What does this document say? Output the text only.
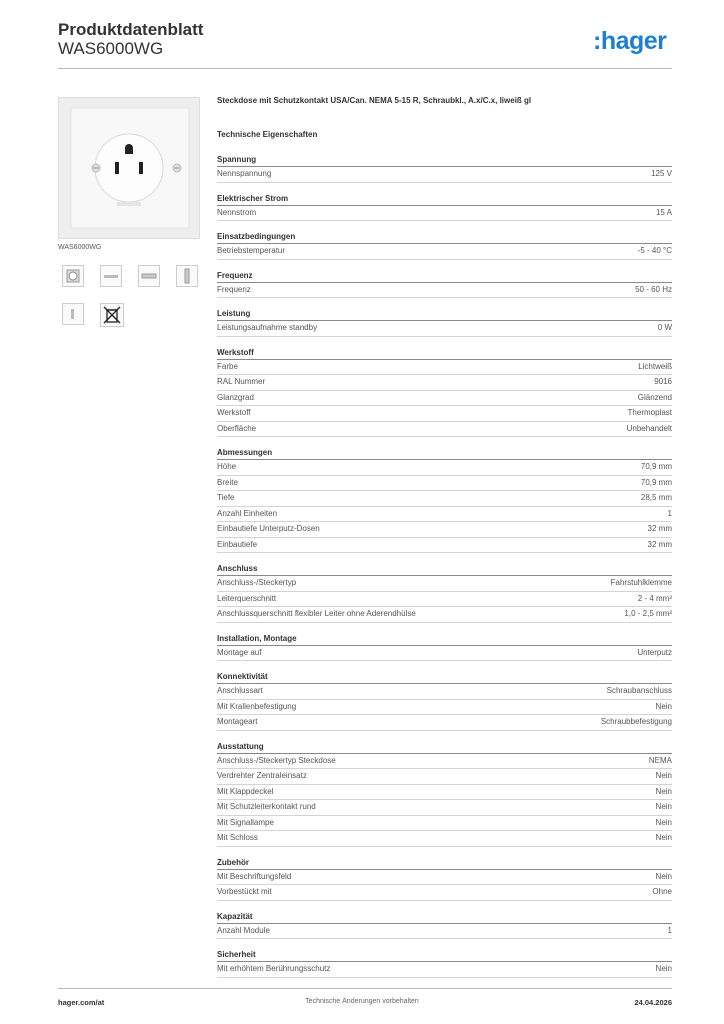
Produktdatenblatt
WAS6000WG	:hager
WAS6000WG
Steckdose mit Schutzkontakt USA/Can. NEMA 5-15 R, Schraubkl., A.x/C.x, liweiß gl
Technische Eigenschaften
Spannung
Nennspannung	125 V
Elektrischer Strom
Nennstrom	15 A
Einsatzbedingungen
Betriebstemperatur	-5 - 40 °C
Frequenz
Frequenz	50 - 60 Hz
Leistung
Leistungsaufnahme standby	0 W
Werkstoff
Farbe	Lichtweiß
RAL Nummer	9016
Glanzgrad	Glänzend
Werkstoff	Thermoplast
Oberfläche	Unbehandelt
Abmessungen
Höhe	70,9 mm
Breite	70,9 mm
Tiefe	28,5 mm
Anzahl Einheiten	1
Einbautiefe Unterputz-Dosen	32 mm
Einbautiefe	32 mm
Anschluss
Anschluss-/Steckertyp	Fahrstuhlklemme
Leiterquerschnitt	2 - 4 mm²
Anschlussquerschnitt flexibler Leiter ohne Aderendhülse	1,0 - 2,5 mm²
Installation, Montage
Montage auf	Unterputz
Konnektivität
Anschlussart	Schraubanschluss
Mit Krallenbefestigung	Nein
Montageart	Schraubbefestigung
Ausstattung
Anschluss-/Steckertyp Steckdose	NEMA
Verdrehter Zentraleinsatz	Nein
Mit Klappdeckel	Nein
Mit Schutzleiterkontakt rund	Nein
Mit Signallampe	Nein
Mit Schloss	Nein
Zubehör
Mit Beschriftungsfeld	Nein
Vorbestückt mit	Ohne
Kapazität
Anzahl Module	1
Sicherheit
Mit erhöhtem Berührungsschutz	Nein
hager.com/at	Technische Änderungen vorbehalten	24.04.2026
